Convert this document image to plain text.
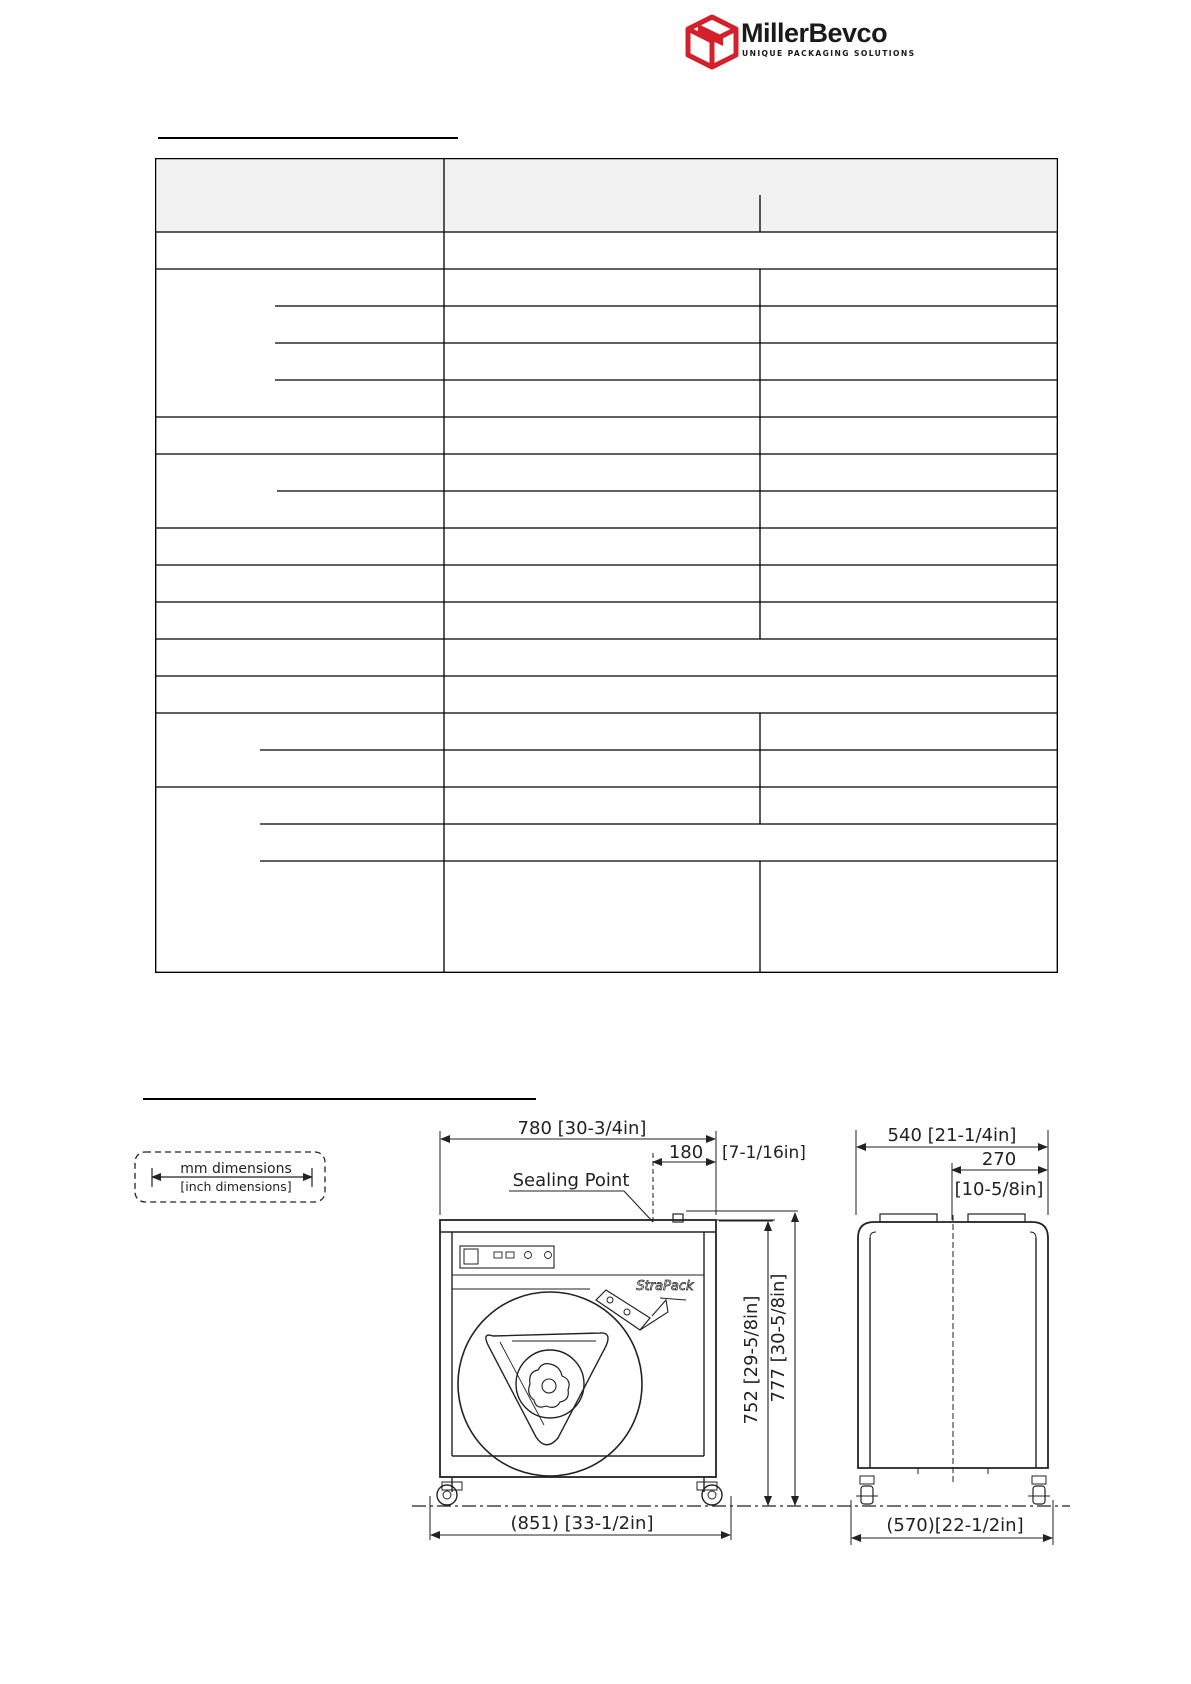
MillerBevco
UNIQUE PACKAGING SOLUTIONS
mm dimensions
[inch dimensions]
StraPack
780 [30-3/4in]
180 [7-1/16in]
Sealing Point
752 [29-5/8in] 777 [30-5/8in]
(851) [33-1/2in]
540 [21-1/4in]
270
[10-5/8in]
(570)[22-1/2in]
